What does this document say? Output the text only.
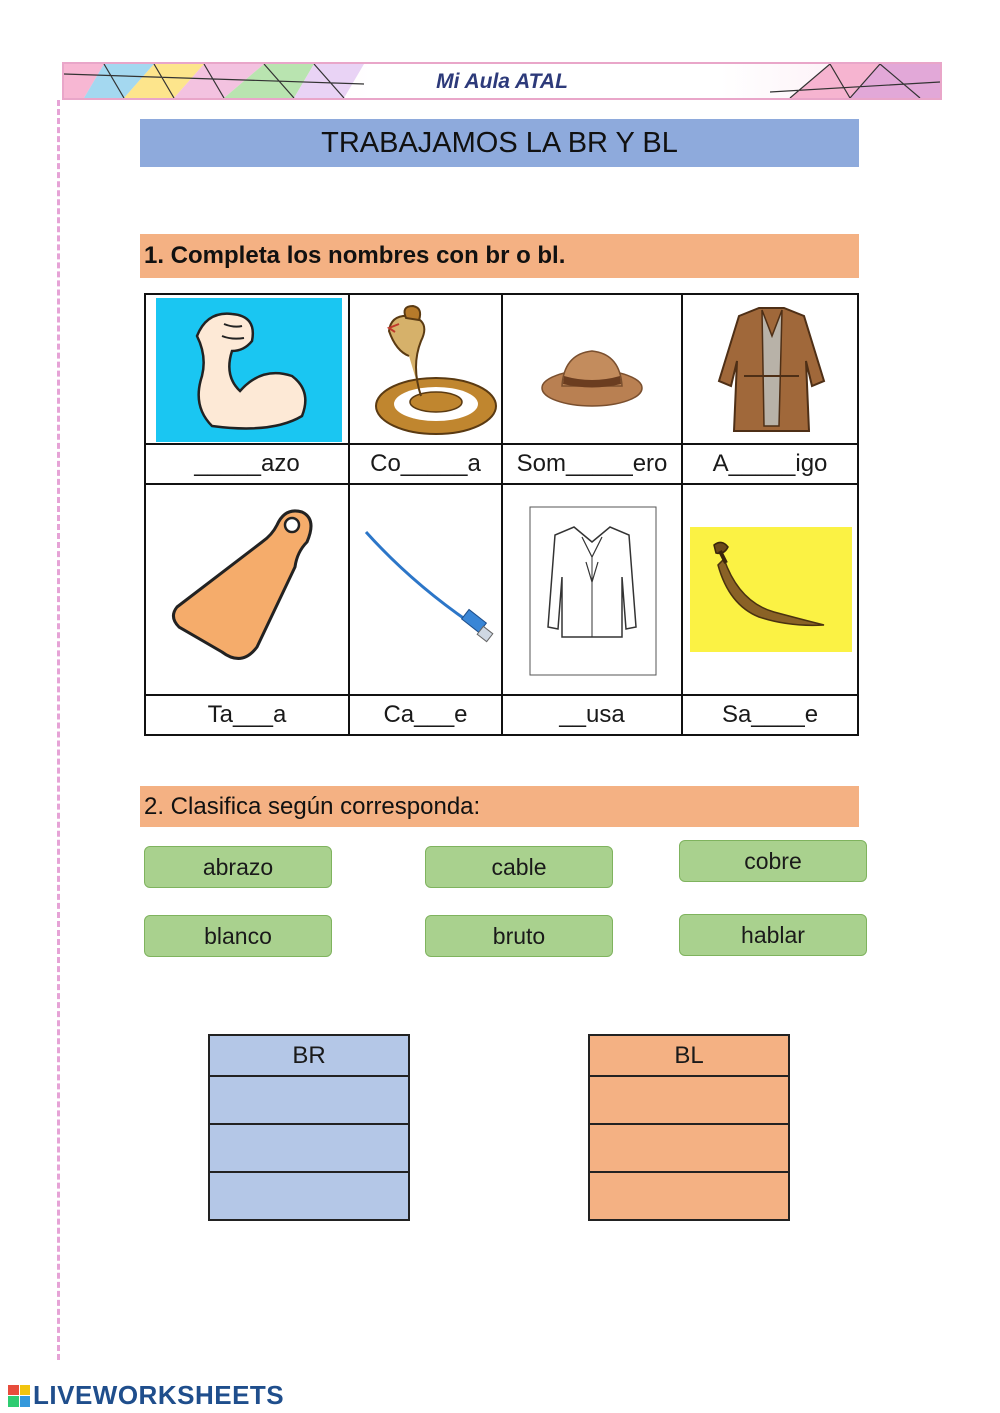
Mi Aula ATAL
TRABAJAMOS LA BR Y BL
1. Completa los nombres con br o bl.

_____azo	Co_____a	Som_____ero	A_____igo

Ta___a	Ca___e	__usa	Sa____e
2. Clasifica según corresponda:
abrazo	cable	cobre
blanco	bruto	hablar
BR	BL

LIVEWORKSHEETS
